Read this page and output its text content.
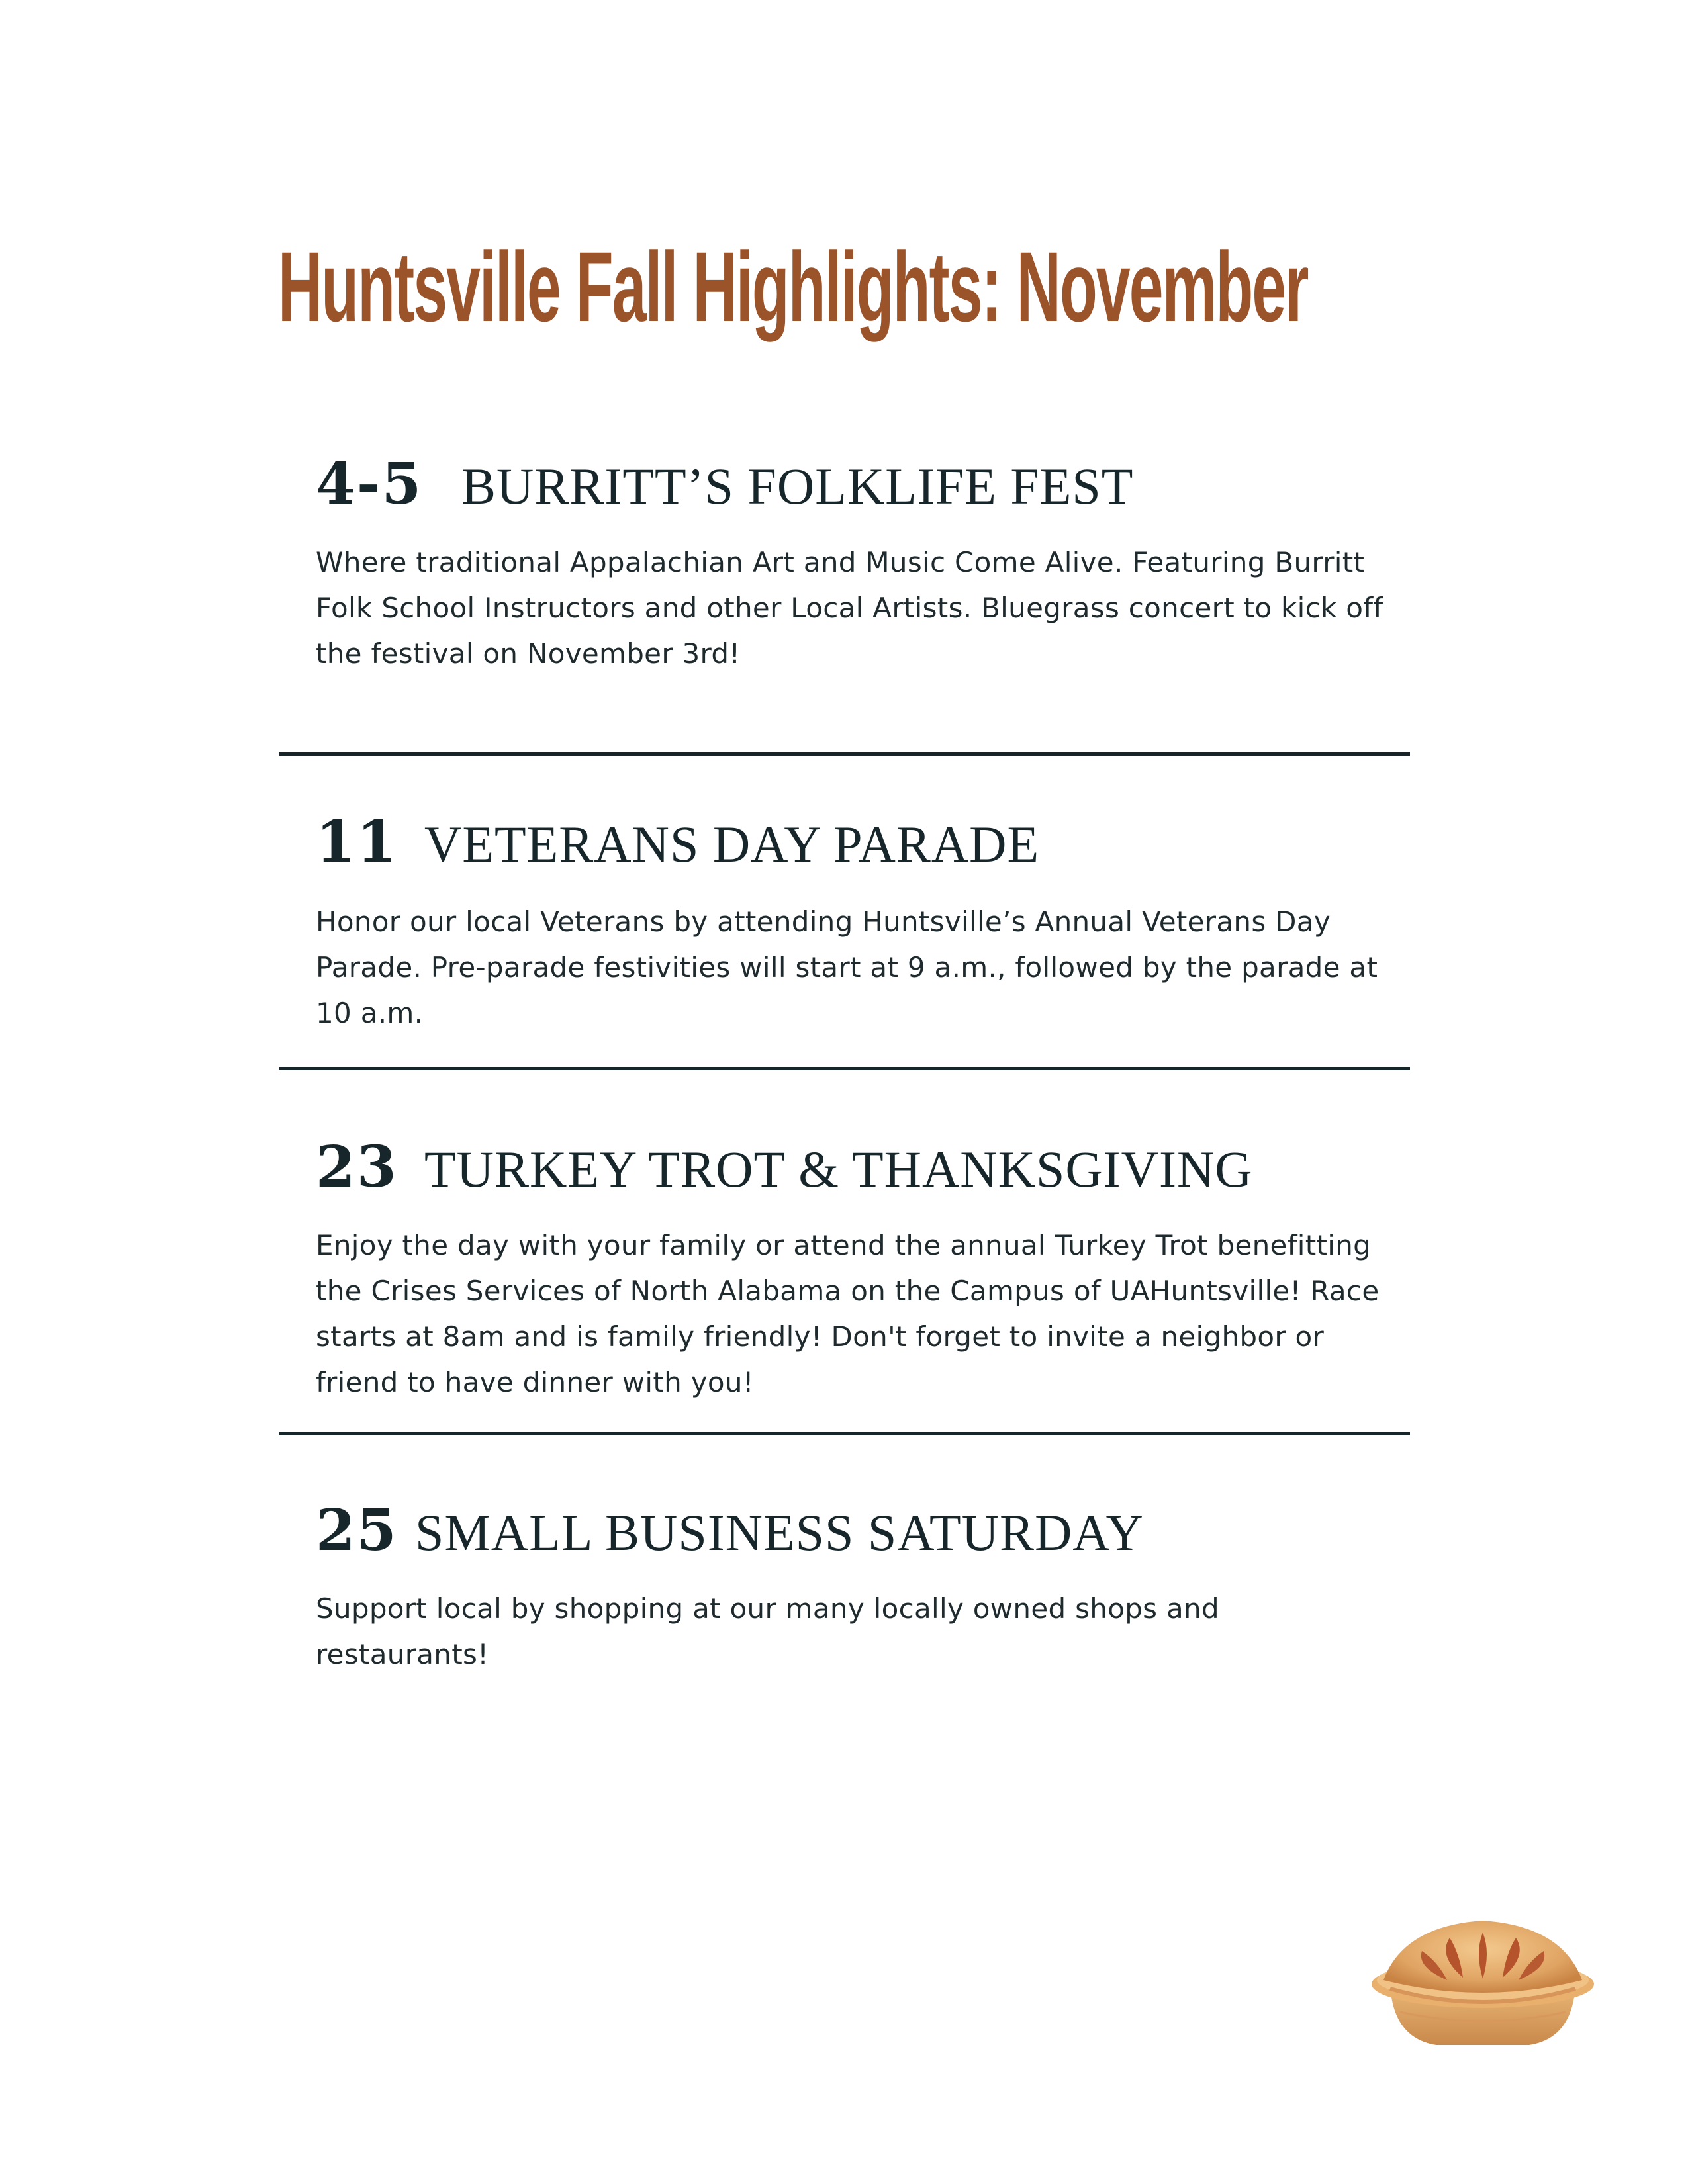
Huntsville Fall Highlights: November
4-5 BURRITT’S FOLKLIFE FEST

Where traditional Appalachian Art and Music Come Alive. Featuring Burritt Folk School Instructors and other Local Artists. Bluegrass concert to kick off the festival on November 3rd!

11 VETERANS DAY PARADE

Honor our local Veterans by attending Huntsville’s Annual Veterans Day Parade. Pre-parade festivities will start at 9 a.m., followed by the parade at 10 a.m.

23 TURKEY TROT & THANKSGIVING

Enjoy the day with your family or attend the annual Turkey Trot benefitting the Crises Services of North Alabama on the Campus of UAHuntsville! Race starts at 8am and is family friendly! Don't forget to invite a neighbor or friend to have dinner with you!

25 SMALL BUSINESS SATURDAY

Support local by shopping at our many locally owned shops and restaurants!
